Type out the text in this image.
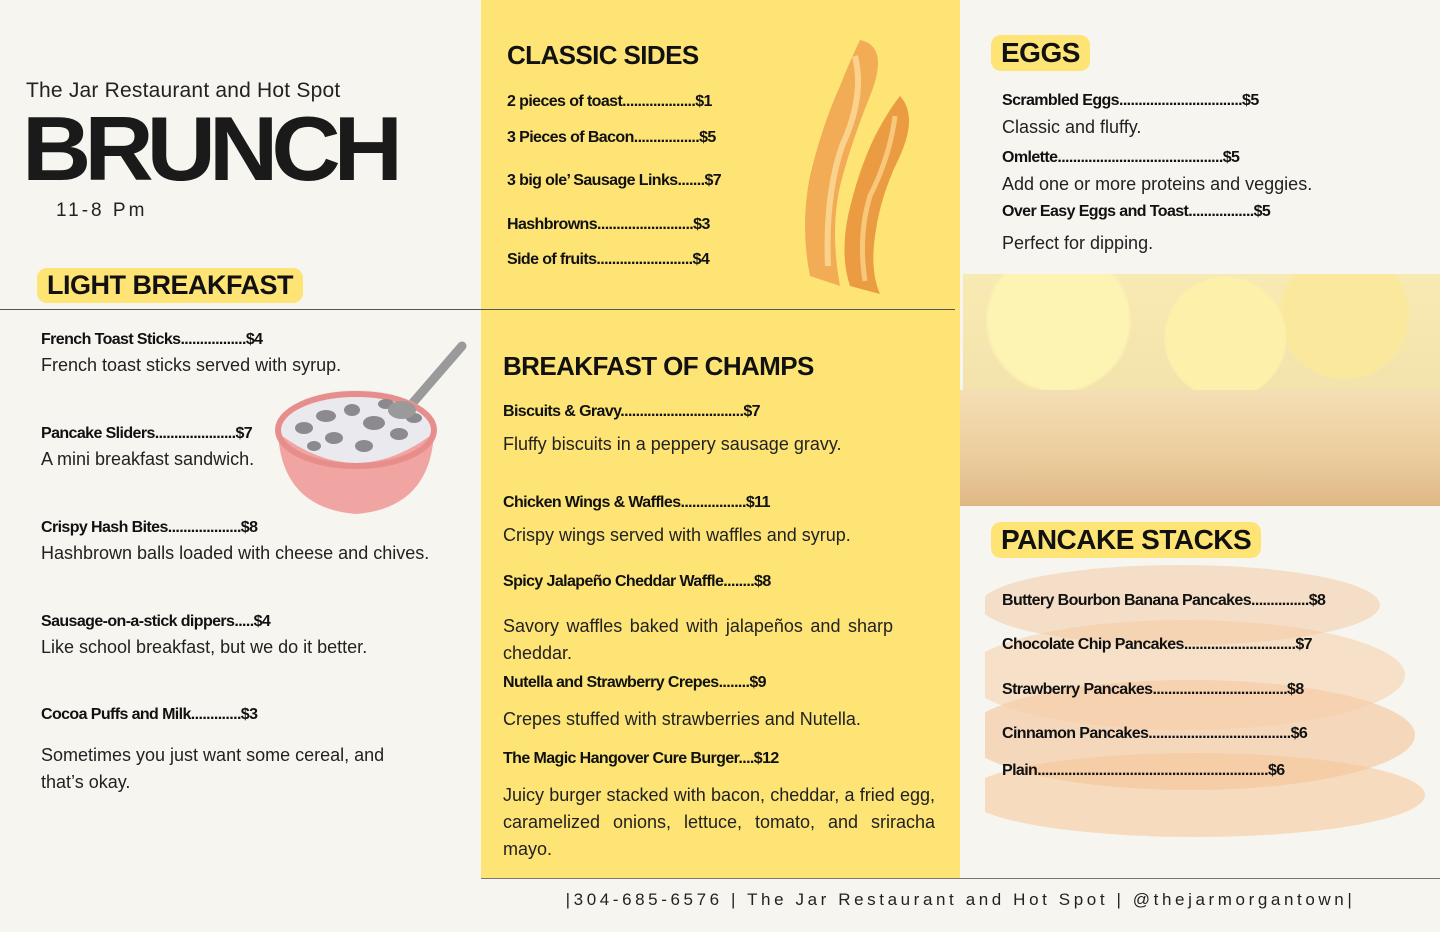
The Jar Restaurant and Hot Spot
BRUNCH
11-8 Pm
LIGHT BREAKFAST
French Toast Sticks.................$4
French toast sticks served with syrup.
Pancake Sliders.....................$7
A mini breakfast sandwich.
Crispy Hash Bites...................$8
Hashbrown balls loaded with cheese and chives.
Sausage-on-a-stick dippers.....$4
Like school breakfast, but we do it better.
Cocoa Puffs and Milk.............$3
Sometimes you just want some cereal, and that’s okay.
CLASSIC SIDES
2 pieces of toast...................$1
3 Pieces of Bacon.................$5
3 big ole’ Sausage Links.......$7
Hashbrowns.........................$3
Side of fruits.........................$4
BREAKFAST OF CHAMPS
Biscuits & Gravy................................$7
Fluffy biscuits in a peppery sausage gravy.
Chicken Wings & Waffles.................$11
Crispy wings served with waffles and syrup.
Spicy Jalapeño Cheddar Waffle........$8
Savory waffles baked with jalapeños and sharp cheddar.
Nutella and Strawberry Crepes........$9
Crepes stuffed with strawberries and Nutella.
The Magic Hangover Cure Burger....$12
Juicy burger stacked with bacon, cheddar, a fried egg, caramelized onions, lettuce, tomato, and sriracha mayo.
EGGS
Scrambled Eggs................................$5
Classic and fluffy.
Omlette...........................................$5
Add one or more proteins and veggies.
Over Easy Eggs and Toast.................$5
Perfect for dipping.
PANCAKE STACKS
Buttery Bourbon Banana Pancakes...............$8
Chocolate Chip Pancakes.............................$7
Strawberry Pancakes...................................$8
Cinnamon Pancakes.....................................$6
Plain............................................................$6
|304-685-6576 | The Jar Restaurant and Hot Spot | @thejarmorgantown|
